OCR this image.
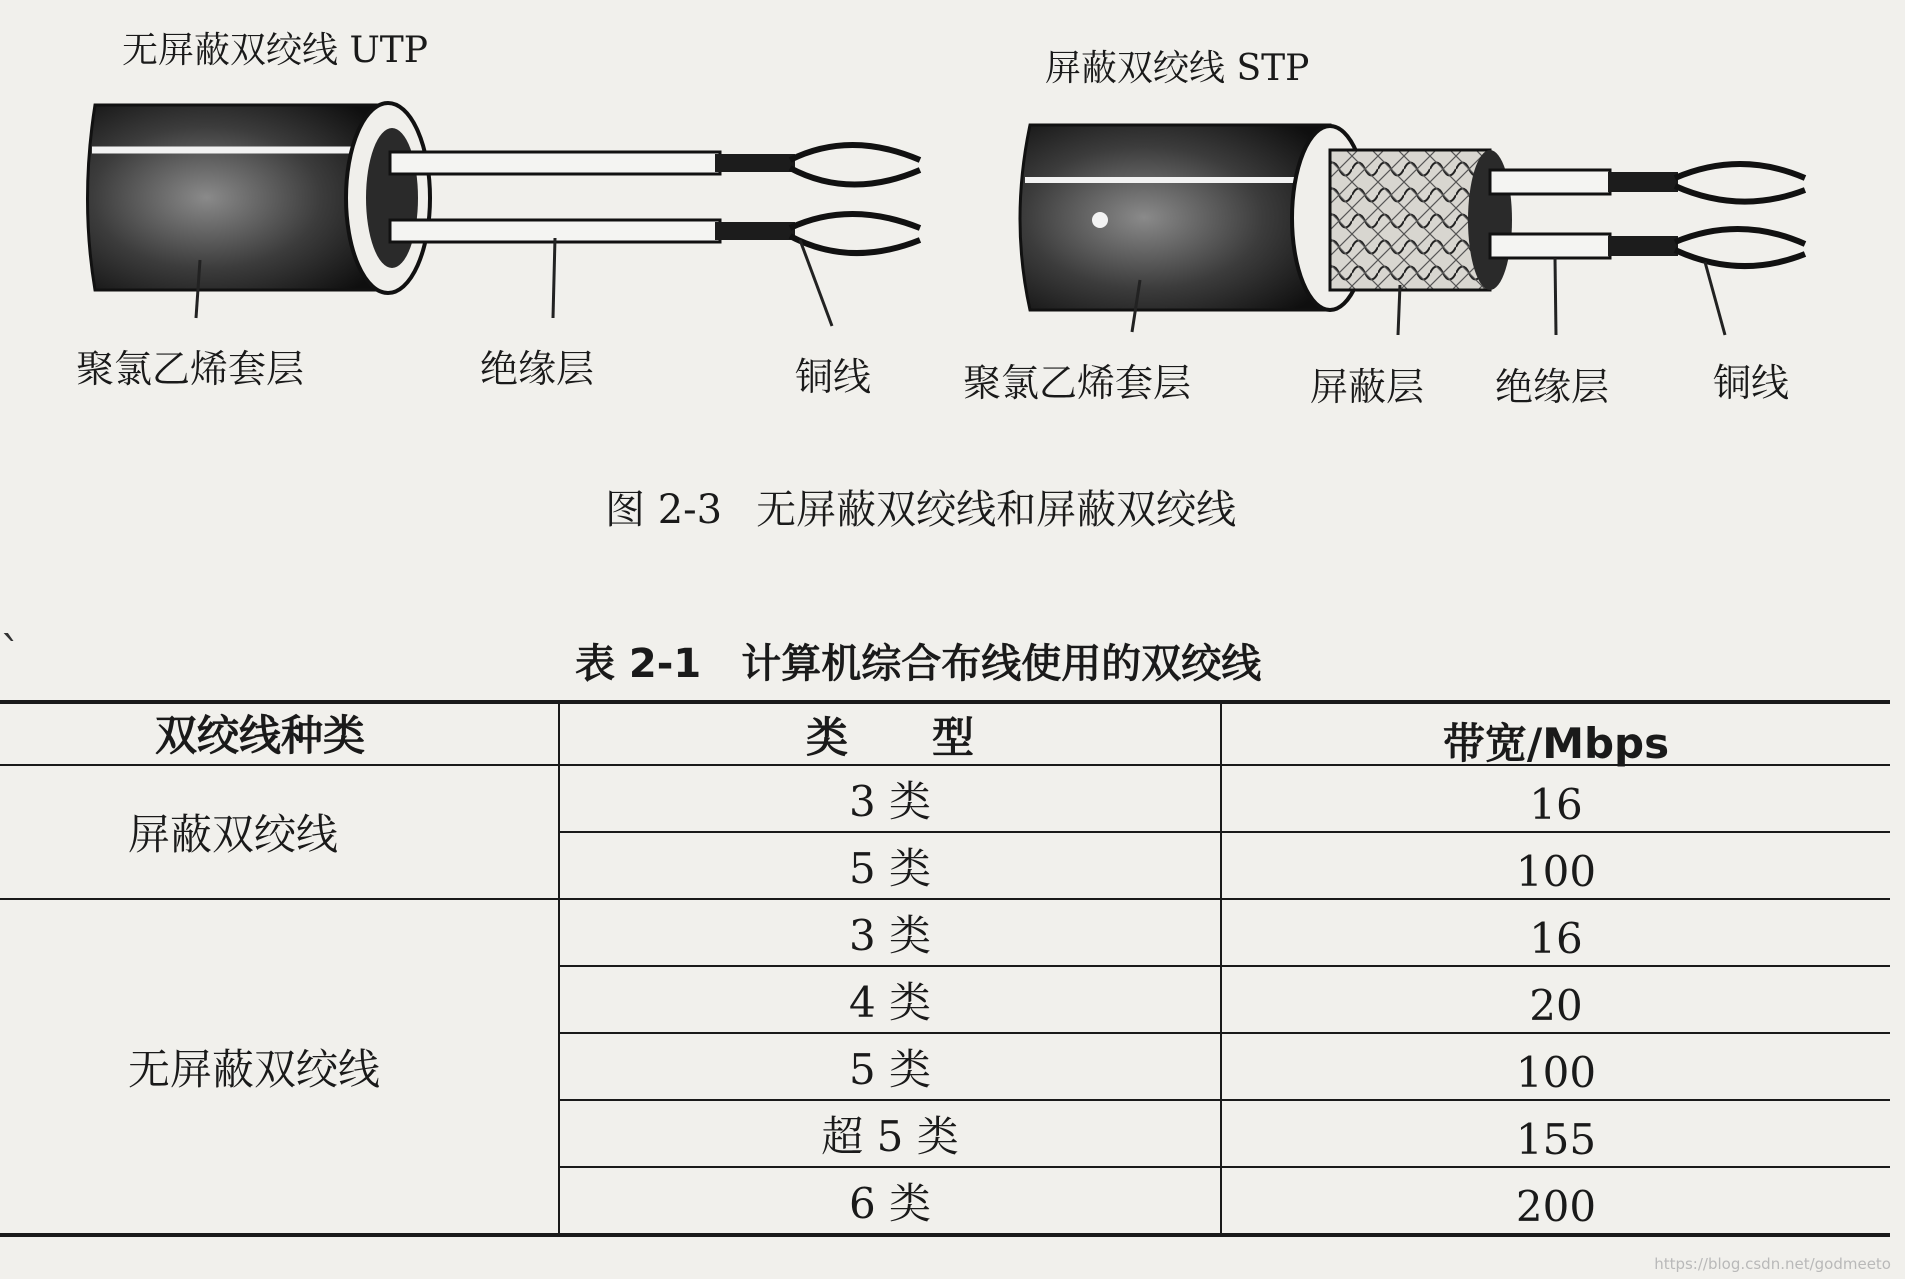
无屏蔽双绞线 UTP	屏蔽双绞线 STP
聚氯乙烯套层	绝缘层	铜线 聚氯乙烯套层	屏蔽层 绝缘层	铜线
图 2-3 无屏蔽双绞线和屏蔽双绞线
ˋ	表 2-1 计算机综合布线使用的双绞线
双绞线种类	类　　型	带宽/Mbps
屏蔽双绞线
3 类	16
5 类	100
无屏蔽双绞线
3 类	16
4 类	20
5 类	100
超 5 类	155
6 类	200
https://blog.csdn.net/godmeeto
